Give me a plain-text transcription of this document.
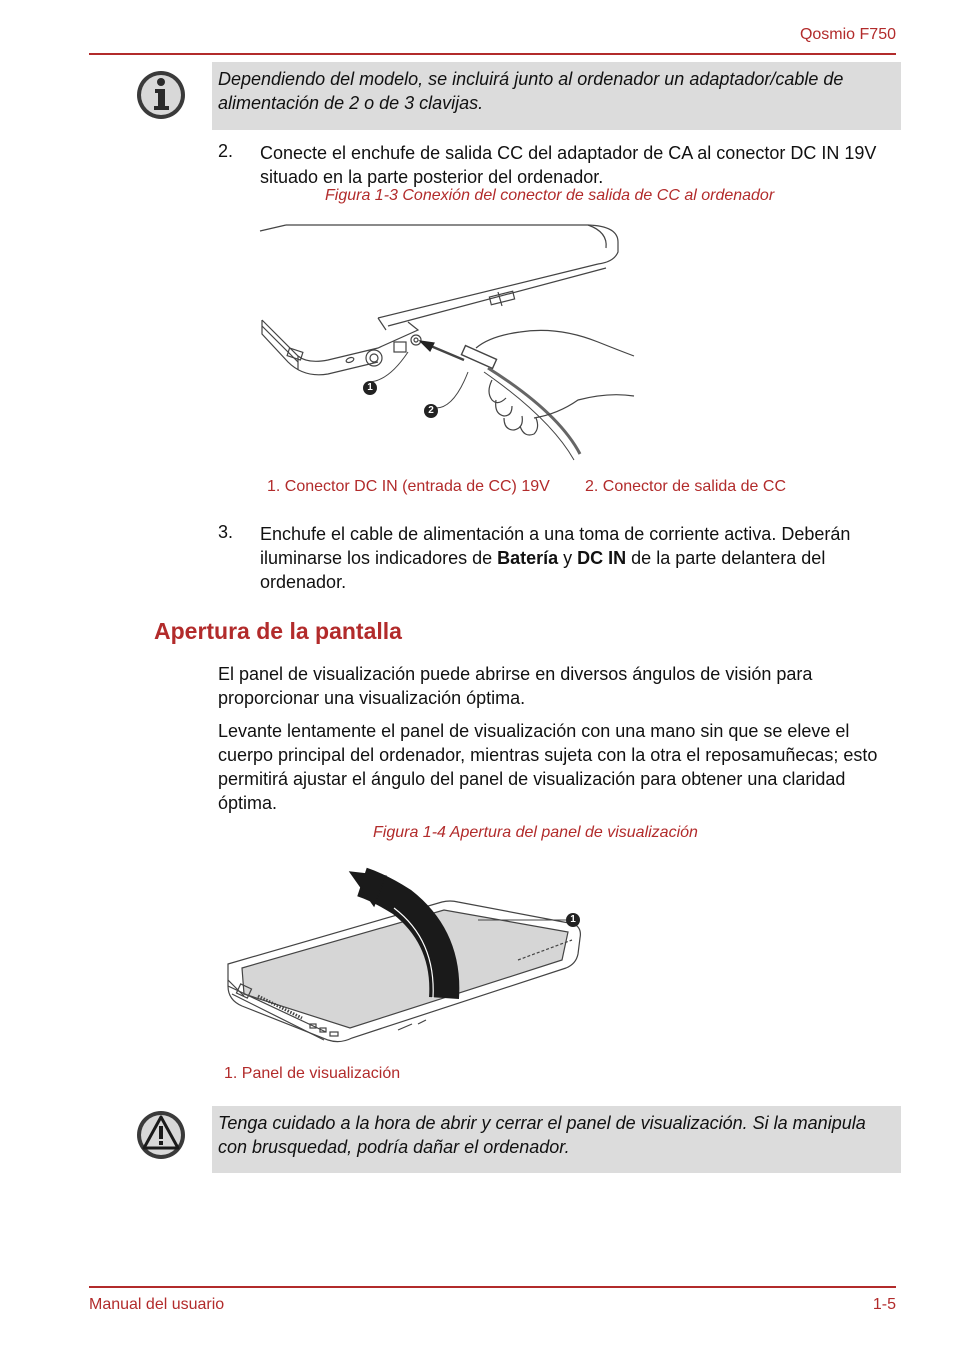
Qosmio F750
Dependiendo del modelo, se incluirá junto al ordenador un adaptador/cable de alimentación de 2 o de 3 clavijas.
2. Conecte el enchufe de salida CC del adaptador de CA al conector DC IN 19V situado en la parte posterior del ordenador.
Figura 1-3 Conexión del conector de salida de CC al ordenador
1
2
1. Conector DC IN (entrada de CC) 19V	2. Conector de salida de CC
3. Enchufe el cable de alimentación a una toma de corriente activa. Deberán iluminarse los indicadores de Batería y DC IN de la parte delantera del ordenador.
Apertura de la pantalla
El panel de visualización puede abrirse en diversos ángulos de visión para proporcionar una visualización óptima.
Levante lentamente el panel de visualización con una mano sin que se eleve el cuerpo principal del ordenador, mientras sujeta con la otra el reposamuñecas; esto permitirá ajustar el ángulo del panel de visualización para obtener una claridad óptima.
Figura 1-4 Apertura del panel de visualización
1
1. Panel de visualización
Tenga cuidado a la hora de abrir y cerrar el panel de visualización. Si la manipula con brusquedad, podría dañar el ordenador.
Manual del usuario	1-5
